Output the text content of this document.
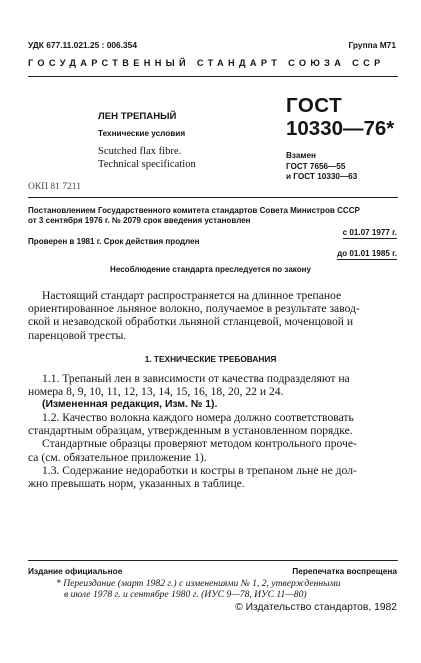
УДК 677.11.021.25 : 006.354	Группа М71
ГОСУДАРСТВЕННЫЙ СТАНДАРТ СОЮЗА ССР
ЛЕН ТРЕПАНЫЙ
Технические условия
Scutched flax fibre.
Technical specification
ОКП 81 7211
ГОСТ
10330—76*
Взамен
ГОСТ 7656—55
и ГОСТ 10330—63
Постановлением Государственного комитета стандартов Совета Министров СССР
от 3 сентября 1976 г. № 2079 срок введения установлен
с 01.07 1977 г.
Проверен в 1981 г. Срок действия продлен
до 01.01 1985 г.
Несоблюдение стандарта преследуется по закону
Настоящий стандарт распространяется на длинное трепаное
ориентированное льняное волокно, получаемое в результате завод-
ской и незаводской обработки льняной стланцевой, моченцовой и
паренцовой тресты.
1. ТЕХНИЧЕСКИЕ ТРЕБОВАНИЯ
1.1. Трепаный лен в зависимости от качества подразделяют на
номера 8, 9, 10, 11, 12, 13, 14, 15, 16, 18, 20, 22 и 24.
(Измененная редакция, Изм. № 1).
1.2. Качество волокна каждого номера должно соответствовать
стандартным образцам, утвержденным в установленном порядке.
Стандартные образцы проверяют методом контрольного проче-
са (см. обязательное приложение 1).
1.3. Содержание недоработки и костры в трепаном льне не дол-
жно превышать норм, указанных в таблице.
Издание официальное	Перепечатка воспрещена
* Переиздание (март 1982 г.) с изменениями № 1, 2, утвержденными
в июле 1978 г. и сентябре 1980 г. (ИУС 9—78, ИУС 11—80)
© Издательство стандартов, 1982
